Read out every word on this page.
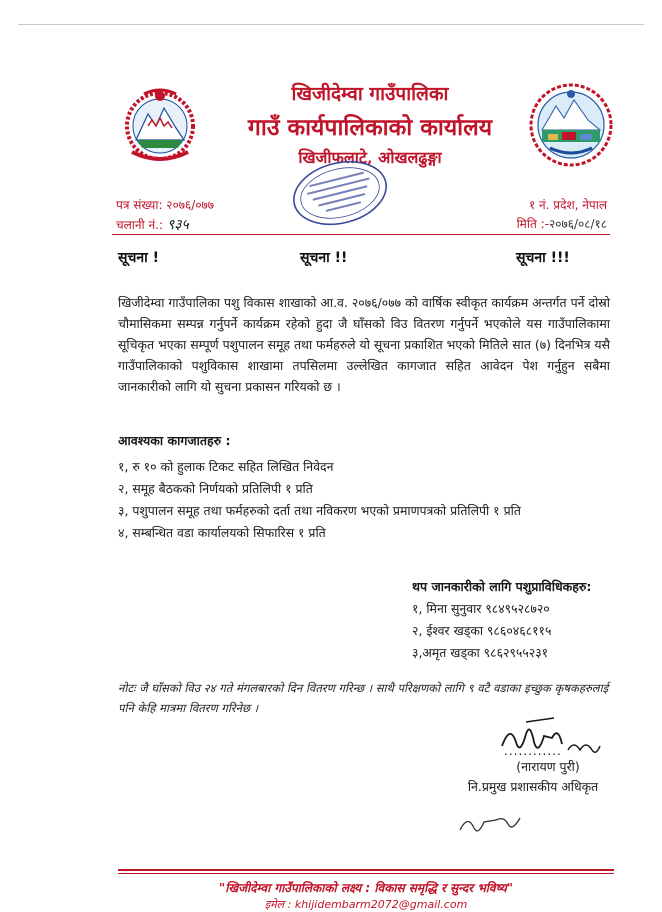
खिजीदेम्वा गाउँपालिका
गाउँ कार्यपालिकाको कार्यालय
खिजीफलाटे, ओखलढुङ्गा
पत्र संख्या: २०७६/०७७
चलानी नं.: ९३५
१ नं. प्रदेश, नेपाल
मिति :-२०७६/०८/१८
सूचना !	सूचना !!	सूचना !!!
खिजीदेम्वा गाउँपालिका पशु विकास शाखाको आ.व. २०७६/०७७ को वार्षिक स्वीकृत कार्यक्रम अन्तर्गत पर्ने दोस्रो चौमासिकमा सम्पन्न गर्नुपर्ने कार्यक्रम रहेको हुदा जै घाँसको विउ वितरण गर्नुपर्ने भएकोले यस गाउँपालिकामा सूचिकृत भएका सम्पूर्ण पशुपालन समूह तथा फर्महरुले यो सूचना प्रकाशित भएको मितिले सात (७) दिनभित्र यसै गाउँपालिकाको पशुविकास शाखामा तपसिलमा उल्लेखित कागजात सहित आवेदन पेश गर्नुहुन सबैमा जानकारीको लागि यो सुचना प्रकासन गरियको छ ।
आवश्यका कागजातहरु :
१, रु १० को हुलाक टिकट सहित लिखित निवेदन
२, समूह बैठकको निर्णयको प्रतिलिपी १ प्रति
३, पशुपालन समूह तथा फर्महरुको दर्ता तथा नविकरण भएको प्रमाणपत्रको प्रतिलिपी १ प्रति
४, सम्बन्धित वडा कार्यालयको सिफारिस १ प्रति
थप जानकारीको लागि पशुप्राविधिकहरु:
१, मिना सुनुवार ९८४९५२८७२०
२, ईश्वर खड्का ९८६०४६८११५
३,अमृत खड्का ९८६२९५५२३१
नोटः जै घाँसको विउ २४ गते मंगलबारको दिन वितरण गरिन्छ । साथै परिक्षणको लागि ९ वटै वडाका इच्छुक कृषकहरुलाई पनि केहि मात्रमा वितरण गरिनेछ ।
............
(नारायण पुरी)
नि.प्रमुख प्रशासकीय अधिकृत
"खिजीदेम्वा गाउँपालिकाको लक्ष्य : विकास समृद्धि र सुन्दर भविष्य"
इमेल : khijidembarm2072@gmail.com
